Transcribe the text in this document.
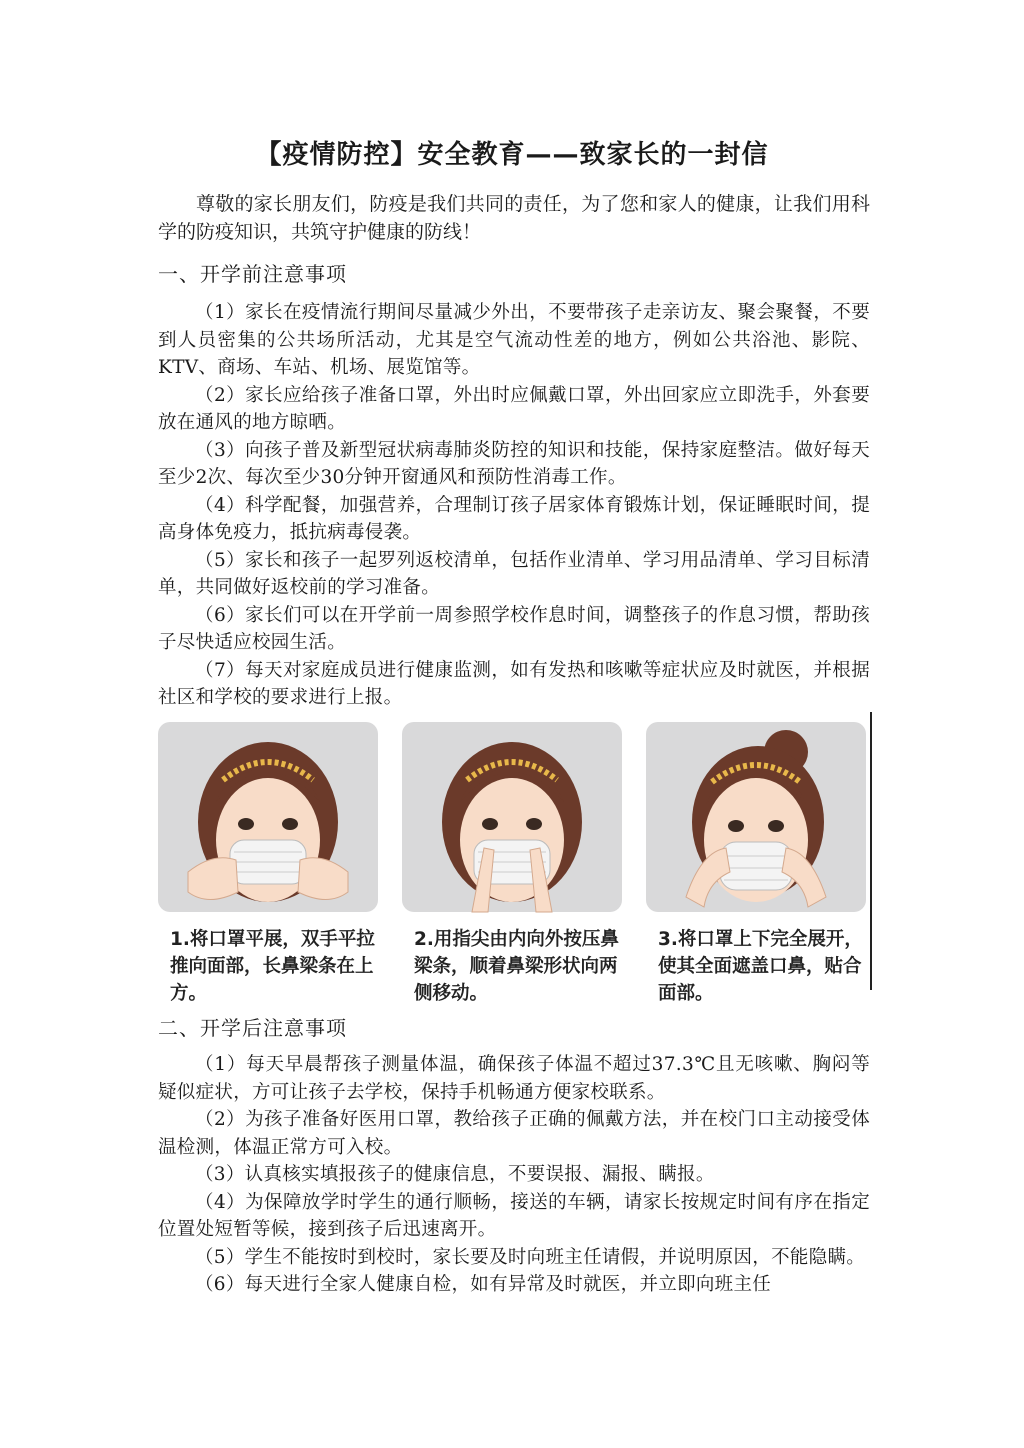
【疫情防控】安全教育——致家长的一封信

尊敬的家长朋友们，防疫是我们共同的责任，为了您和家人的健康，让我们用科学的防疫知识，共筑守护健康的防线！

一、开学前注意事项

（1）家长在疫情流行期间尽量减少外出，不要带孩子走亲访友、聚会聚餐，不要到人员密集的公共场所活动，尤其是空气流动性差的地方，例如公共浴池、影院、KTV、商场、车站、机场、展览馆等。

（2）家长应给孩子准备口罩，外出时应佩戴口罩，外出回家应立即洗手，外套要放在通风的地方晾晒。

（3）向孩子普及新型冠状病毒肺炎防控的知识和技能，保持家庭整洁。做好每天至少2次、每次至少30分钟开窗通风和预防性消毒工作。

（4）科学配餐，加强营养，合理制订孩子居家体育锻炼计划，保证睡眠时间，提高身体免疫力，抵抗病毒侵袭。

（5）家长和孩子一起罗列返校清单，包括作业清单、学习用品清单、学习目标清单，共同做好返校前的学习准备。

（6）家长们可以在开学前一周参照学校作息时间，调整孩子的作息习惯，帮助孩子尽快适应校园生活。

（7）每天对家庭成员进行健康监测，如有发热和咳嗽等症状应及时就医，并根据社区和学校的要求进行上报。

1.将口罩平展，双手平拉推向面部，长鼻梁条在上方。
2.用指尖由内向外按压鼻梁条，顺着鼻梁形状向两侧移动。
3.将口罩上下完全展开，使其全面遮盖口鼻，贴合面部。
二、开学后注意事项

（1）每天早晨帮孩子测量体温，确保孩子体温不超过37.3℃且无咳嗽、胸闷等疑似症状，方可让孩子去学校，保持手机畅通方便家校联系。

（2）为孩子准备好医用口罩，教给孩子正确的佩戴方法，并在校门口主动接受体温检测，体温正常方可入校。

（3）认真核实填报孩子的健康信息，不要误报、漏报、瞒报。

（4）为保障放学时学生的通行顺畅，接送的车辆，请家长按规定时间有序在指定位置处短暂等候，接到孩子后迅速离开。

（5）学生不能按时到校时，家长要及时向班主任请假，并说明原因，不能隐瞒。

（6）每天进行全家人健康自检，如有异常及时就医，并立即向班主任
